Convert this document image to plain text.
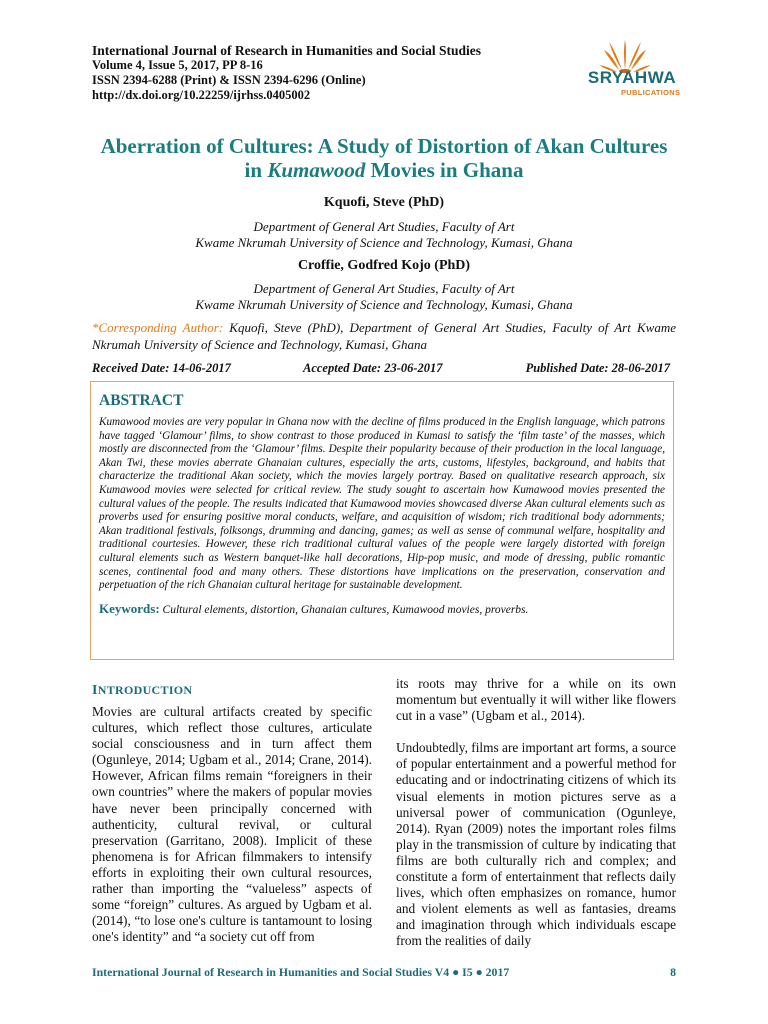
International Journal of Research in Humanities and Social Studies
Volume 4, Issue 5, 2017, PP 8-16
ISSN 2394-6288 (Print) & ISSN 2394-6296 (Online)
http://dx.doi.org/10.22259/ijrhss.0405002
SRYAHWA
PUBLICATIONS
Aberration of Cultures: A Study of Distortion of Akan Cultures
in Kumawood Movies in Ghana
Kquofi, Steve (PhD)
Department of General Art Studies, Faculty of Art
Kwame Nkrumah University of Science and Technology, Kumasi, Ghana
Croffie, Godfred Kojo (PhD)
Department of General Art Studies, Faculty of Art
Kwame Nkrumah University of Science and Technology, Kumasi, Ghana
*Corresponding Author: Kquofi, Steve (PhD), Department of General Art Studies, Faculty of Art Kwame Nkrumah University of Science and Technology, Kumasi, Ghana
Received Date: 14-06-2017	Accepted Date: 23-06-2017	Published Date: 28-06-2017
ABSTRACT

Kumawood movies are very popular in Ghana now with the decline of films produced in the English language, which patrons have tagged ‘Glamour’ films, to show contrast to those produced in Kumasi to satisfy the ‘film taste’ of the masses, which mostly are disconnected from the ‘Glamour’ films. Despite their popularity because of their production in the local language, Akan Twi, these movies aberrate Ghanaian cultures, especially the arts, customs, lifestyles, background, and habits that characterize the traditional Akan society, which the movies largely portray. Based on qualitative research approach, six Kumawood movies were selected for critical review. The study sought to ascertain how Kumawood movies presented the cultural values of the people. The results indicated that Kumawood movies showcased diverse Akan cultural elements such as proverbs used for ensuring positive moral conducts, welfare, and acquisition of wisdom; rich traditional body adornments; Akan traditional festivals, folksongs, drumming and dancing, games; as well as sense of communal welfare, hospitality and traditional courtesies. However, these rich traditional cultural values of the people were largely distorted with foreign cultural elements such as Western banquet-like hall decorations, Hip-pop music, and mode of dressing, public romantic scenes, continental food and many others. These distortions have implications on the preservation, conservation and perpetuation of the rich Ghanaian cultural heritage for sustainable development.

Keywords: Cultural elements, distortion, Ghanaian cultures, Kumawood movies, proverbs.
INTRODUCTION

Movies are cultural artifacts created by specific cultures, which reflect those cultures, articulate social consciousness and in turn affect them (Ogunleye, 2014; Ugbam et al., 2014; Crane, 2014). However, African films remain “foreigners in their own countries” where the makers of popular movies have never been principally concerned with authenticity, cultural revival, or cultural preservation (Garritano, 2008). Implicit of these phenomena is for African filmmakers to intensify efforts in exploiting their own cultural resources, rather than importing the “valueless” aspects of some “foreign” cultures. As argued by Ugbam et al. (2014), “to lose one's culture is tantamount to losing one's identity” and “a society cut off from

its roots may thrive for a while on its own momentum but eventually it will wither like flowers cut in a vase” (Ugbam et al., 2014).

Undoubtedly, films are important art forms, a source of popular entertainment and a powerful method for educating and or indoctrinating citizens of which its visual elements in motion pictures serve as a universal power of communication (Ogunleye, 2014). Ryan (2009) notes the important roles films play in the transmission of culture by indicating that films are both culturally rich and complex; and constitute a form of entertainment that reflects daily lives, which often emphasizes on romance, humor and violent elements as well as fantasies, dreams and imagination through which individuals escape from the realities of daily

International Journal of Research in Humanities and Social Studies V4 ● I5 ● 2017	8
